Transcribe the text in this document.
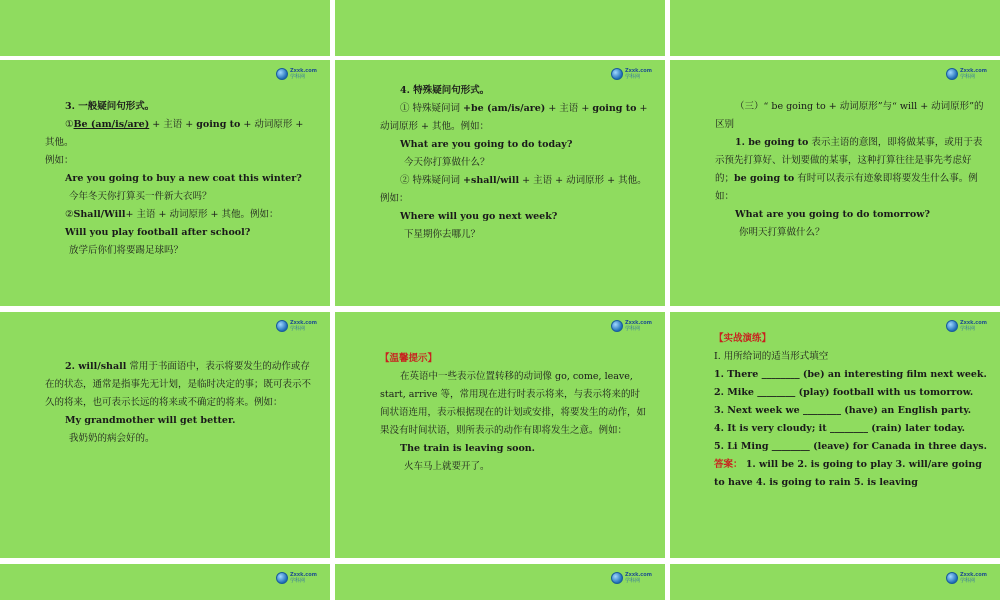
Zxxk.com
学科网

3. 一般疑问句形式。

①Be (am/is/are) + 主语 + going to + 动词原形 + 其他。

例如：

Are you going to buy a new coat this winter?

今年冬天你打算买一件新大衣吗？

②Shall/Will+ 主语 + 动词原形 + 其他。例如：

Will you play football after school?

放学后你们将要踢足球吗？

Zxxk.com
学科网

4. 特殊疑问句形式。

① 特殊疑问词 +be (am/is/are) + 主语 + going to + 动词原形 + 其他。例如：

What are you going to do today?

今天你打算做什么？

② 特殊疑问词 +shall/will + 主语 + 动词原形 + 其他。例如：

Where will you go next week?

下星期你去哪儿？

Zxxk.com
学科网

（三）“ be going to + 动词原形”与“ will + 动词原形”的区别

1. be going to 表示主语的意图，即将做某事，或用于表示预先打算好、计划要做的某事，这种打算往往是事先考虑好的；be going to 有时可以表示有迹象即将要发生什么事。例如：

What are you going to do tomorrow?

你明天打算做什么？

Zxxk.com
学科网

2. will/shall 常用于书面语中，表示将要发生的动作或存在的状态，通常是指事先无计划，是临时决定的事；既可表示不久的将来，也可表示长远的将来或不确定的将来。例如：

My grandmother will get better.

我奶奶的病会好的。

Zxxk.com
学科网

【温馨提示】

在英语中一些表示位置转移的动词像 go, come, leave, start, arrive 等，常用现在进行时表示将来，与表示将来的时间状语连用，表示根据现在的计划或安排，将要发生的动作，如果没有时间状语，则所表示的动作有即将发生之意。例如：

The train is leaving soon.

火车马上就要开了。

Zxxk.com
学科网

【实战演练】

Ⅰ. 用所给词的适当形式填空

1. There ________ (be) an interesting film next week.

2. Mike ________ (play) football with us tomorrow.

3. Next week we ________ (have) an English party.

4. It is very cloudy; it ________ (rain) later today.

5. Li Ming ________ (leave) for Canada in three days.

答案： 1. will be 2. is going to play 3. will/are going to have 4. is going to rain 5. is leaving

Zxxk.com
学科网
Zxxk.com
学科网
Zxxk.com
学科网
